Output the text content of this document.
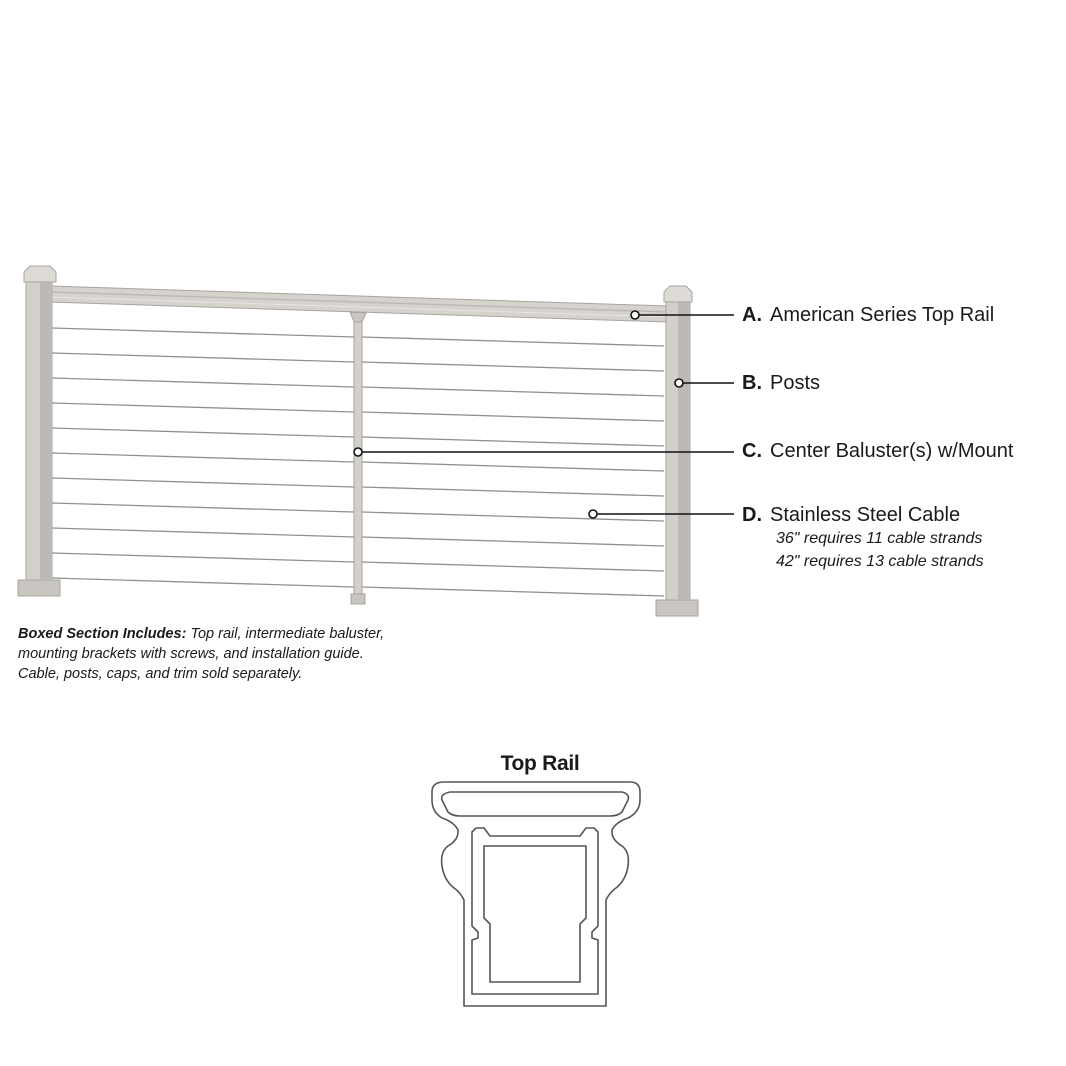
A. American Series Top Rail
B. Posts
C. Center Baluster(s) w/Mount
D. Stainless Steel Cable
36" requires 11 cable strands
42" requires 13 cable strands
Boxed Section Includes: Top rail, intermediate baluster,
mounting brackets with screws, and installation guide.
Cable, posts, caps, and trim sold separately.
Top Rail
